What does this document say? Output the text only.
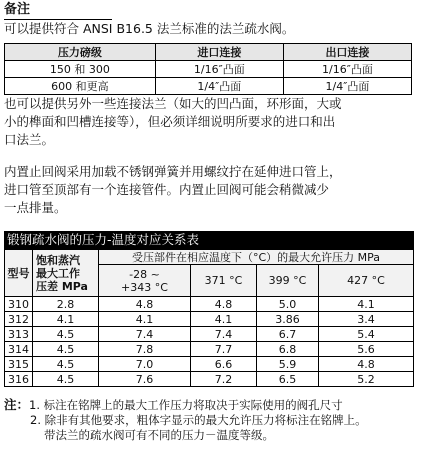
备注
可以提供符合 ANSI B16.5 法兰标准的法兰疏水阀。
压力磅级	进口连接	出口连接
150 和 300	1/16″凸面	1/16″凸面
600 和更高	1/4″凸面	1/4″凸面
也可以提供另外一些连接法兰（如大的凹凸面，环形面，大或
小的榫面和凹槽连接等），但必须详细说明所要求的进口和出
口法兰。
内置止回阀采用加载不锈钢弹簧并用螺纹拧在延伸进口管上，
进口管至顶部有一个连接管件。内置止回阀可能会稍微减少
一点排量。
锻钢疏水阀的压力-温度对应关系表
型号	饱和蒸汽
最大工作
压差 MPa	受压部件在相应温度下（°C）的最大允许压力 MPa			
		-28 ~
+343 °C	371 °C	399 °C	427 °C
310	2.8	4.8	4.8	5.0	4.1
312	4.1	4.1	4.1	3.86	3.4
313	4.5	7.4	7.4	6.7	5.4
314	4.5	7.8	7.7	6.8	5.6
315	4.5	7.0	6.6	5.9	4.8
316	4.5	7.6	7.2	6.5	5.2
注：1. 标注在铭牌上的最大工作压力将取决于实际使用的阀孔尺寸
2. 除非有其他要求，粗体字显示的最大允许压力将标注在铭牌上。
带法兰的疏水阀可有不同的压力－温度等级。
